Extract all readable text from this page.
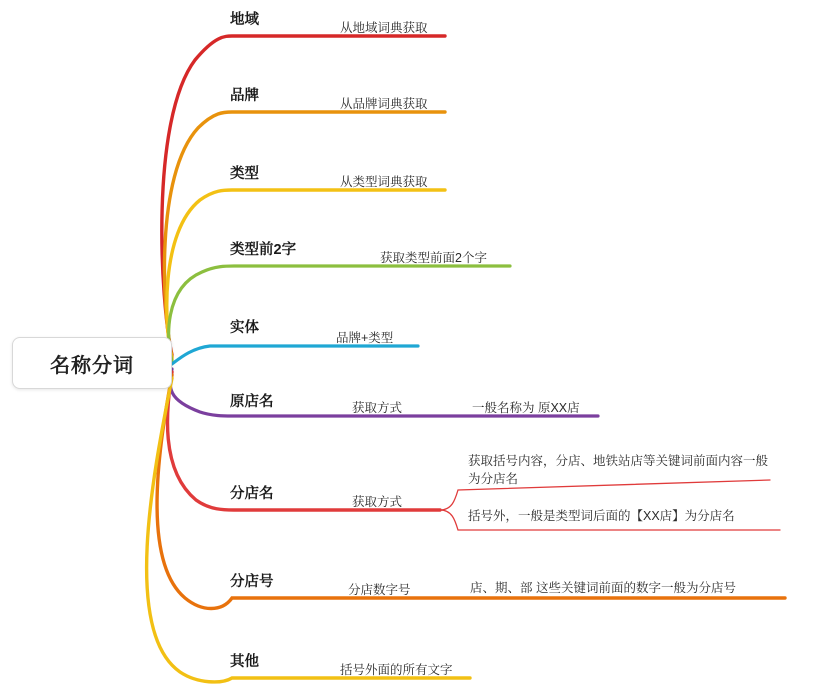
名称分词
地域	从地域词典获取
品牌	从品牌词典获取
类型	从类型词典获取
类型前2字	获取类型前面2个字
实体
品牌+类型
原店名	获取方式	一般名称为 原XX店
分店名	获取方式
获取括号内容，分店、地铁站店等关键词前面内容一般为分店名
括号外，一般是类型词后面的【XX店】为分店名
分店号	分店数字号	店、期、部 这些关键词前面的数字一般为分店号
其他	括号外面的所有文字
